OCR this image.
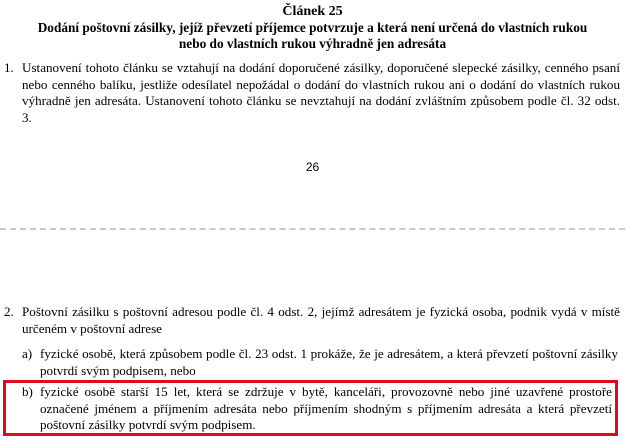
Článek 25
Dodání poštovní zásilky, jejíž převzetí příjemce potvrzuje a která není určená do vlastních rukou
nebo do vlastních rukou výhradně jen adresáta
1. Ustanovení tohoto článku se vztahují na dodání doporučené zásilky, doporučené slepecké zásilky, cenného psaní nebo cenného balíku, jestliže odesílatel nepožádal o dodání do vlastních rukou ani o dodání do vlastních rukou výhradně jen adresáta. Ustanovení tohoto článku se nevztahují na dodání zvláštním způsobem podle čl. 32 odst. 3.
26
2. Poštovní zásilku s poštovní adresou podle čl. 4 odst. 2, jejímž adresátem je fyzická osoba, podnik vydá v místě určeném v poštovní adrese
a) fyzické osobě, která způsobem podle čl. 23 odst. 1 prokáže, že je adresátem, a která převzetí poštovní zásilky potvrdí svým podpisem, nebo
b) fyzické osobě starší 15 let, která se zdržuje v bytě, kanceláři, provozovně nebo jiné uzavřené prostoře označené jménem a příjmením adresáta nebo příjmením shodným s příjmením adresáta a která převzetí poštovní zásilky potvrdí svým podpisem.
